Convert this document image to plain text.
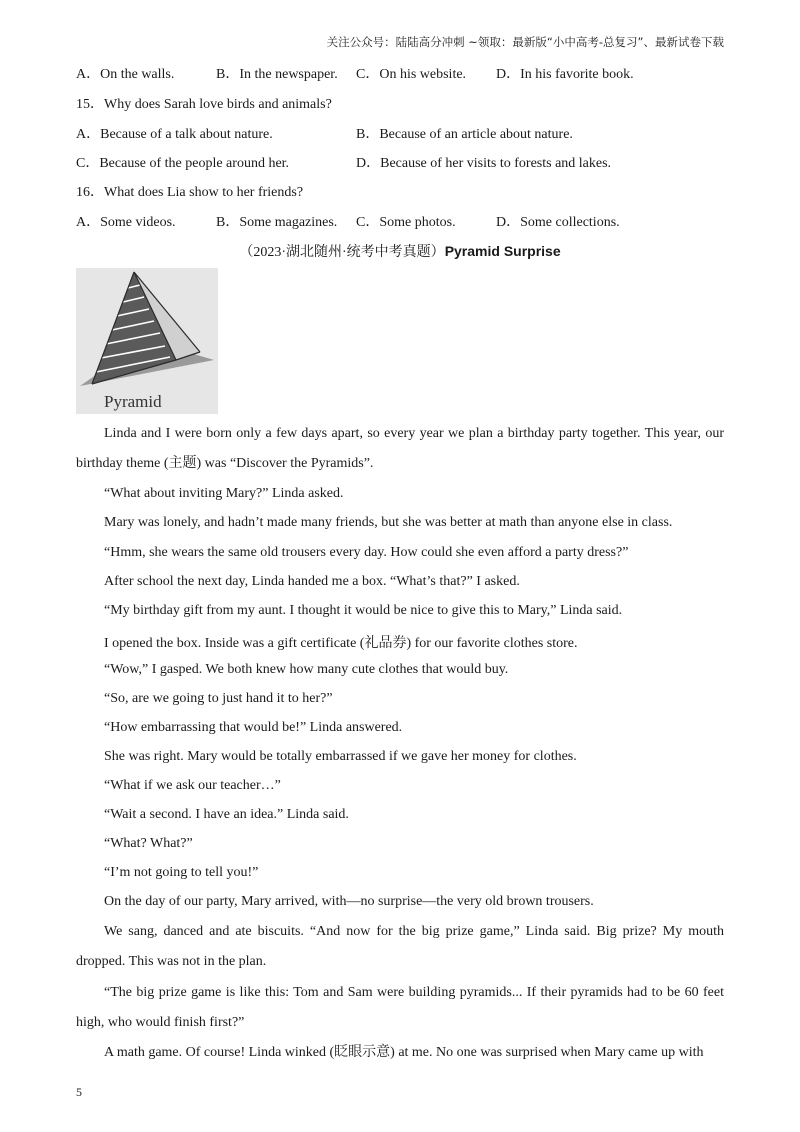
关注公众号：陆陆高分冲刺 ~领取：最新版“小中高考-总复习”、最新试卷下载
A．On the walls.	B．In the newspaper. C．On his website. D．In his favorite book.
15．Why does Sarah love birds and animals?
A．Because of a talk about nature.	B．Because of an article about nature.
C．Because of the people around her.	D．Because of her visits to forests and lakes.
16．What does Lia show to her friends?
A．Some videos.	B．Some magazines. C．Some photos.	D．Some collections.
（2023·湖北随州·统考中考真题）Pyramid Surprise
Pyramid
Linda and I were born only a few days apart, so every year we plan a birthday party together. This year, our birthday theme (主题) was “Discover the Pyramids”.
“What about inviting Mary?” Linda asked.
Mary was lonely, and hadn’t made many friends, but she was better at math than anyone else in class.
“Hmm, she wears the same old trousers every day. How could she even afford a party dress?”
After school the next day, Linda handed me a box. “What’s that?” I asked.
“My birthday gift from my aunt. I thought it would be nice to give this to Mary,” Linda said.
I opened the box. Inside was a gift certificate (礼品券) for our favorite clothes store.
“Wow,” I gasped. We both knew how many cute clothes that would buy.
“So, are we going to just hand it to her?”
“How embarrassing that would be!” Linda answered.
She was right. Mary would be totally embarrassed if we gave her money for clothes.
“What if we ask our teacher…”
“Wait a second. I have an idea.” Linda said.
“What? What?”
“I’m not going to tell you!”
On the day of our party, Mary arrived, with—no surprise—the very old brown trousers.
We sang, danced and ate biscuits. “And now for the big prize game,” Linda said. Big prize? My mouth dropped. This was not in the plan.
“The big prize game is like this: Tom and Sam were building pyramids... If their pyramids had to be 60 feet high, who would finish first?”
A math game. Of course! Linda winked (眨眼示意) at me. No one was surprised when Mary came up with
5
